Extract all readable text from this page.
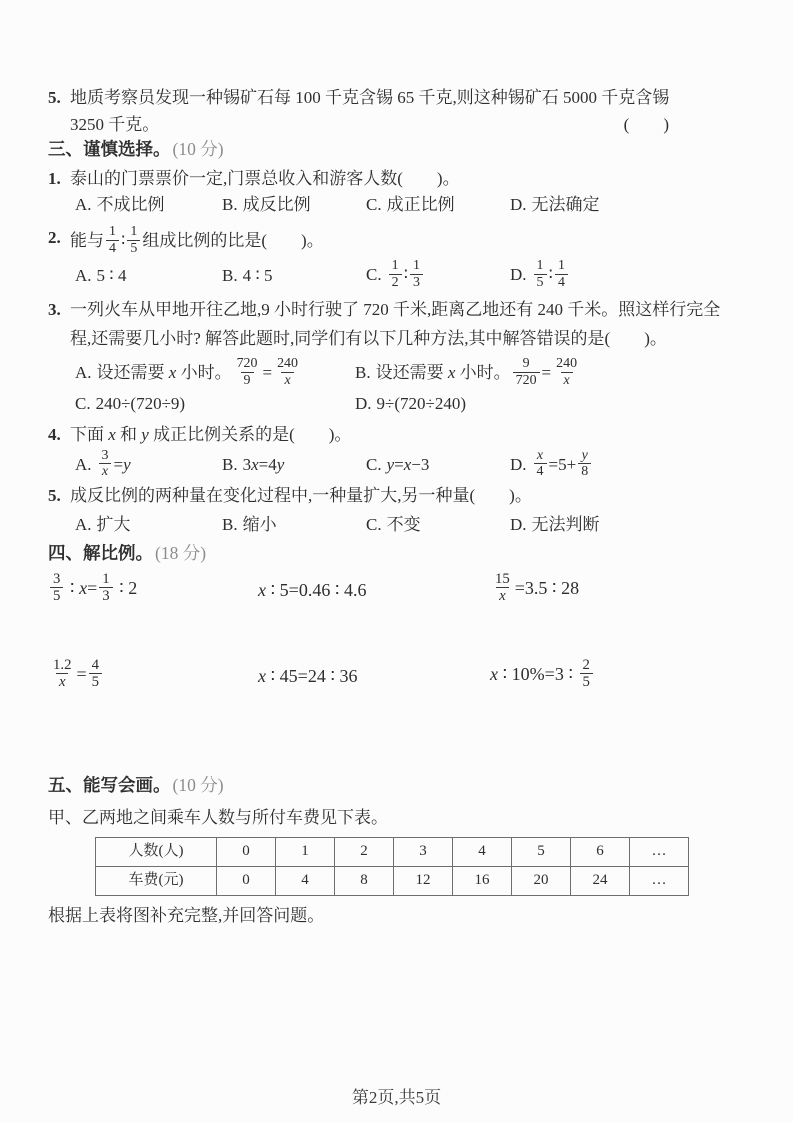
5. 地质考察员发现一种锡矿石每 100 千克含锡 65 千克,则这种锡矿石 5000 千克含锡
3250 千克。	(　　)
三、谨慎选择。 (10 分)
1. 泰山的门票票价一定,门票总收入和游客人数(　　)。
A. 不成比例	B. 成反比例	C. 成正比例	D. 无法确定
2. 能与 $\frac{1}{4}$ ∶ $\frac{1}{5}$ 组成比例的比是(　　)。
A. 5 ∶ 4	B. 4 ∶ 5	C. $\frac{1}{2}$ ∶ $\frac{1}{3}$	D. $\frac{1}{5}$ ∶ $\frac{1}{4}$
3. 一列火车从甲地开往乙地,9 小时行驶了 720 千米,距离乙地还有 240 千米。照这样行完全程,还需要几小时? 解答此题时,同学们有以下几种方法,其中解答错误的是(　　)。
A. 设还需要 x 小时。 $\frac{720}{9} = \frac{240}{x}$	B. 设还需要 x 小时。 $\frac{9}{720} = \frac{240}{x}$
C. 240÷(720÷9)	D. 9÷(720÷240)
4. 下面 x 和 y 成正比例关系的是(　　)。
A. $\frac{3}{x} =y$	B. 3x=4y	C. y=x−3	D. $\frac{x}{4} =5+ \frac{y}{8}$
5. 成反比例的两种量在变化过程中,一种量扩大,另一种量(　　)。
A. 扩大	B. 缩小	C. 不变	D. 无法判断
四、解比例。 (18 分)
$\frac{3}{5}$ ∶ $x= \frac{1}{3}$ ∶ 2	x ∶ 5=0.46 ∶ 4.6	$\frac{15}{x} =3.5$ ∶ 28
$\frac{1.2}{x} = \frac{4}{5}$	x ∶ 45=24 ∶ 36	x ∶ 10%=3 ∶ $\frac{2}{5}$
五、能写会画。 (10 分)
甲、乙两地之间乘车人数与所付车费见下表。
人数(人)	0	1	2	3	4	5	6	…
车费(元)	0	4	8	12	16	20	24	…
根据上表将图补充完整,并回答问题。
第2页,共5页
